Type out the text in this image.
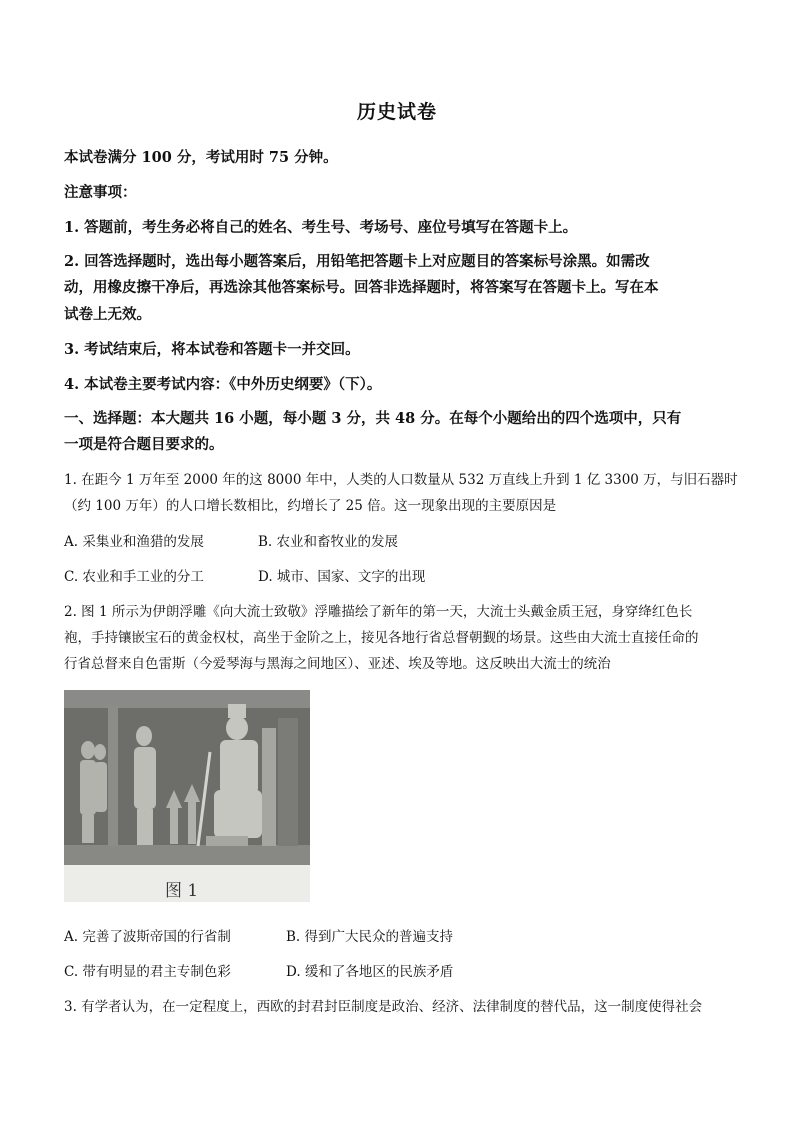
历史试卷
本试卷满分 100 分，考试用时 75 分钟。
注意事项：
1. 答题前，考生务必将自己的姓名、考生号、考场号、座位号填写在答题卡上。
2. 回答选择题时，选出每小题答案后，用铅笔把答题卡上对应题目的答案标号涂黑。如需改
动，用橡皮擦干净后，再选涂其他答案标号。回答非选择题时，将答案写在答题卡上。写在本
试卷上无效。
3. 考试结束后，将本试卷和答题卡一并交回。
4. 本试卷主要考试内容：《中外历史纲要》（下）。
一、选择题：本大题共 16 小题，每小题 3 分，共 48 分。在每个小题给出的四个选项中，只有
一项是符合题目要求的。
1. 在距今 1 万年至 2000 年的这 8000 年中，人类的人口数量从 532 万直线上升到 1 亿 3300 万，与旧石器时
（约 100 万年）的人口增长数相比，约增长了 25 倍。这一现象出现的主要原因是
A. 采集业和渔猎的发展	B. 农业和畜牧业的发展
C. 农业和手工业的分工	D. 城市、国家、文字的出现
2. 图 1 所示为伊朗浮雕《向大流士致敬》浮雕描绘了新年的第一天，大流士头戴金质王冠，身穿绛红色长
袍，手持镶嵌宝石的黄金权杖，高坐于金阶之上，接见各地行省总督朝觐的场景。这些由大流士直接任命的
行省总督来自色雷斯（今爱琴海与黑海之间地区）、亚述、埃及等地。这反映出大流士的统治
图 1
A. 完善了波斯帝国的行省制	B. 得到广大民众的普遍支持
C. 带有明显的君主专制色彩	D. 缓和了各地区的民族矛盾
3. 有学者认为，在一定程度上，西欧的封君封臣制度是政治、经济、法律制度的替代品，这一制度使得社会
